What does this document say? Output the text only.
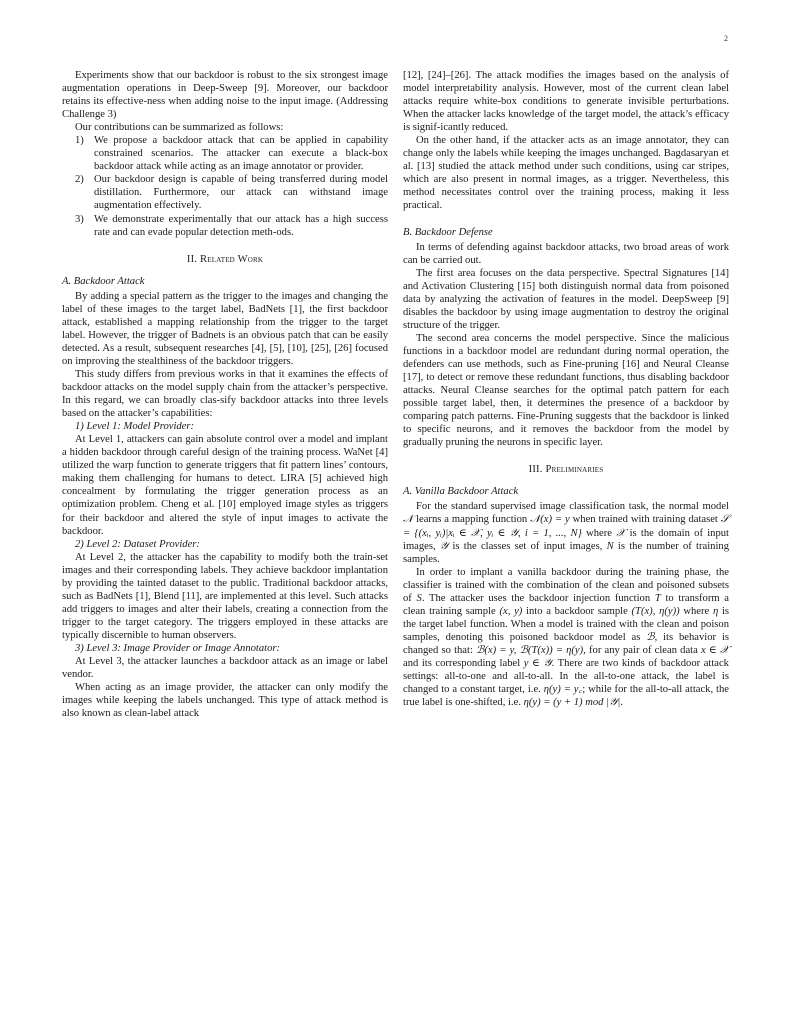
2

Experiments show that our backdoor is robust to the six strongest image augmentation operations in Deep-Sweep [9]. Moreover, our backdoor retains its effective-ness when adding noise to the input image. (Addressing Challenge 3)

Our contributions can be summarized as follows:

1) We propose a backdoor attack that can be applied in capability constrained scenarios. The attacker can execute a black-box backdoor attack while acting as an image annotator or provider.
2) Our backdoor design is capable of being transferred during model distillation. Furthermore, our attack can withstand image augmentation effectively.
3) We demonstrate experimentally that our attack has a high success rate and can evade popular detection meth-ods.
II. Related Work
A. Backdoor Attack

By adding a special pattern as the trigger to the images and changing the label of these images to the target label, BadNets [1], the first backdoor attack, established a mapping relationship from the trigger to the target label. However, the trigger of Badnets is an obvious patch that can be easily detected. As a result, subsequent researches [4], [5], [10], [25], [26] focused on improving the stealthiness of the backdoor triggers.

This study differs from previous works in that it examines the effects of backdoor attacks on the model supply chain from the attacker’s perspective. In this regard, we can broadly clas-sify backdoor attacks into three levels based on the attacker’s capabilities:

1) Level 1: Model Provider:

At Level 1, attackers can gain absolute control over a model and implant a hidden backdoor through careful design of the training process. WaNet [4] utilized the warp function to generate triggers that fit pattern lines’ contours, making them challenging for humans to detect. LIRA [5] achieved high concealment by formulating the trigger generation process as an optimization problem. Cheng et al. [10] employed image styles as triggers for their backdoor and altered the style of input images to activate the backdoor.

2) Level 2: Dataset Provider:

At Level 2, the attacker has the capability to modify both the train-set images and their corresponding labels. They achieve backdoor implantation by providing the tainted dataset to the public. Traditional backdoor attacks, such as BadNets [1], Blend [11], are implemented at this level. Such attacks add triggers to images and alter their labels, creating a connection from the trigger to the target category. The triggers employed in these attacks are typically discernible to human observers.

3) Level 3: Image Provider or Image Annotator:

At Level 3, the attacker launches a backdoor attack as an image or label vendor.

When acting as an image provider, the attacker can only modify the images while keeping the labels unchanged. This type of attack method is also known as clean-label attack

[12], [24]–[26]. The attack modifies the images based on the analysis of model interpretability analysis. However, most of the current clean label attacks require white-box conditions to generate invisible perturbations. When the attacker lacks knowledge of the target model, the attack’s efficacy is signif-icantly reduced.

On the other hand, if the attacker acts as an image annotator, they can change only the labels while keeping the images unchanged. Bagdasaryan et al. [13] studied the attack method under such conditions, using car stripes, which are also present in normal images, as a trigger. Nevertheless, this method necessitates control over the training process, making it less practical.

B. Backdoor Defense

In terms of defending against backdoor attacks, two broad areas of work can be carried out.

The first area focuses on the data perspective. Spectral Signatures [14] and Activation Clustering [15] both distinguish normal data from poisoned data by analyzing the activation of features in the model. DeepSweep [9] disables the backdoor by using image augmentation to destroy the original structure of the trigger.

The second area concerns the model perspective. Since the malicious functions in a backdoor model are redundant during normal operation, the defenders can use methods, such as Fine-pruning [16] and Neural Cleanse [17], to detect or remove these redundant functions, thus disabling backdoor attacks. Neural Cleanse searches for the optimal patch pattern for each possible target label, then, it determines the presence of a backdoor by comparing patch patterns. Fine-Pruning suggests that the backdoor is linked to specific neurons, and it removes the backdoor from the model by gradually pruning the neurons in specific layer.

III. Preliminaries
A. Vanilla Backdoor Attack

For the standard supervised image classification task, the normal model 𝒩 learns a mapping function 𝒩(x) = y when trained with training dataset 𝒮 = {(xᵢ, yᵢ)|xᵢ ∈ 𝒳, yᵢ ∈ 𝒴, i = 1, ..., N} where 𝒳 is the domain of input images, 𝒴 is the classes set of input images, N is the number of training samples.

In order to implant a vanilla backdoor during the training phase, the classifier is trained with the combination of the clean and poisoned subsets of S. The attacker uses the backdoor injection function T to transform a clean training sample (x, y) into a backdoor sample (T(x), η(y)) where η is the target label function. When a model is trained with the clean and poison samples, denoting this poisoned backdoor model as ℬ, its behavior is changed so that: ℬ(x) = y, ℬ(T(x)) = η(y), for any pair of clean data x ∈ 𝒳 and its corresponding label y ∈ 𝒴. There are two kinds of backdoor attack settings: all-to-one and all-to-all. In the all-to-one attack, the label is changed to a constant target, i.e. η(y) = y꜀; while for the all-to-all attack, the true label is one-shifted, i.e. η(y) = (y + 1) mod |𝒴|.
